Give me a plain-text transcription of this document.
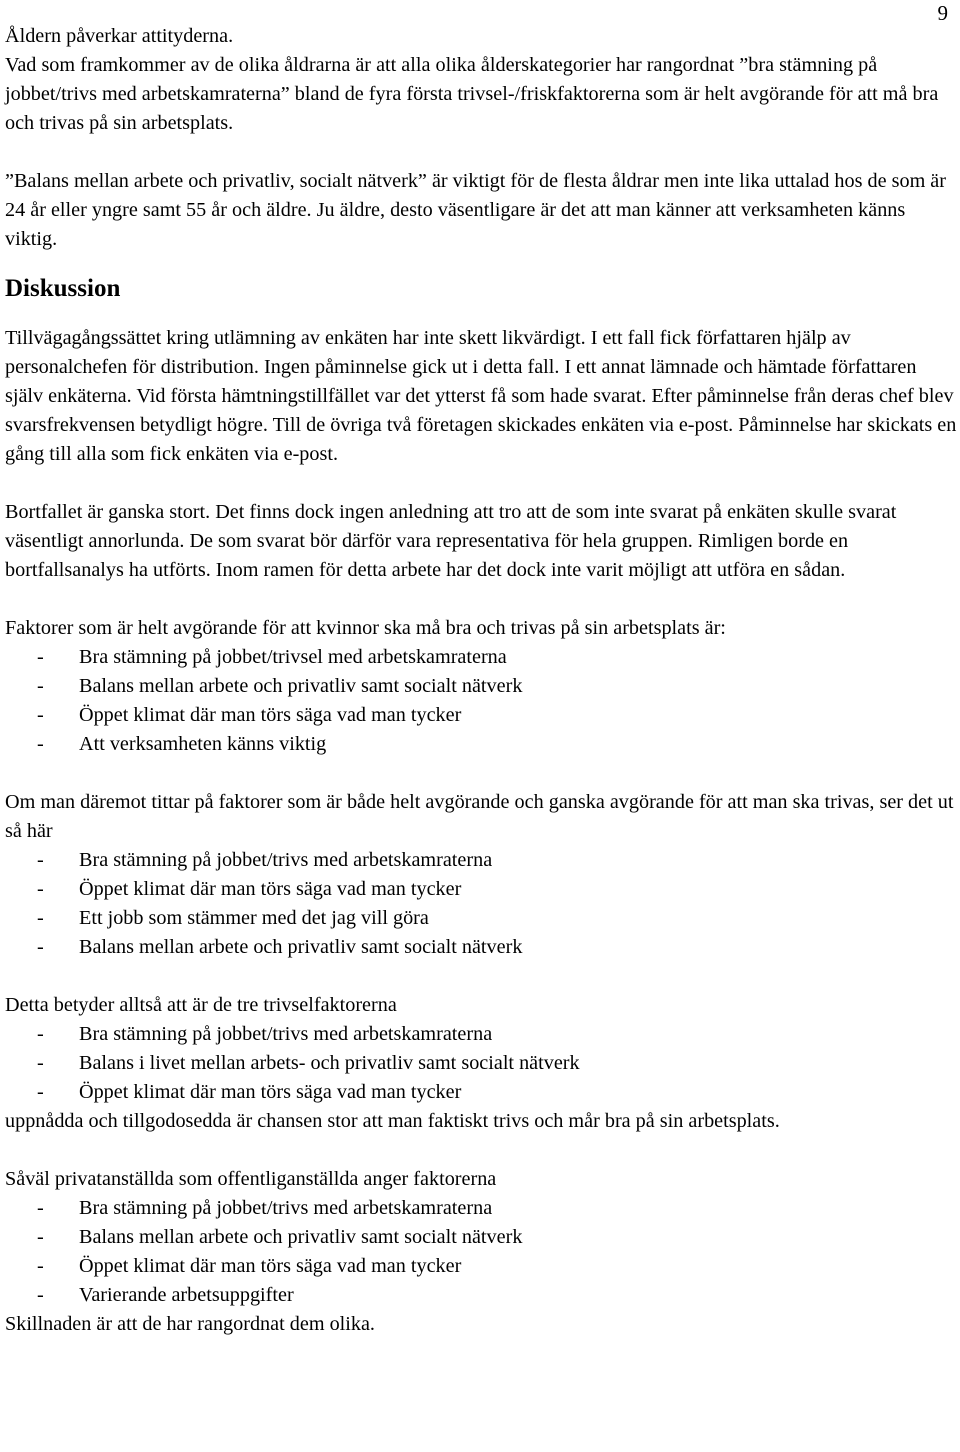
9

Åldern påverkar attityderna.

Vad som framkommer av de olika åldrarna är att alla olika ålderskategorier har rangordnat ”bra stämning på jobbet/trivs med arbetskamraterna” bland de fyra första trivsel-/friskfaktorerna som är helt avgörande för att må bra och trivas på sin arbetsplats.

”Balans mellan arbete och privatliv, socialt nätverk” är viktigt för de flesta åldrar men inte lika uttalad hos de som är 24 år eller yngre samt 55 år och äldre. Ju äldre, desto väsentligare är det att man känner att verksamheten känns viktig.

Diskussion

Tillvägagångssättet kring utlämning av enkäten har inte skett likvärdigt. I ett fall fick författaren hjälp av personalchefen för distribution. Ingen påminnelse gick ut i detta fall. I ett annat lämnade och hämtade författaren själv enkäterna. Vid första hämtningstillfället var det ytterst få som hade svarat. Efter påminnelse från deras chef blev svarsfrekvensen betydligt högre. Till de övriga två företagen skickades enkäten via e-post. Påminnelse har skickats en gång till alla som fick enkäten via e-post.

Bortfallet är ganska stort. Det finns dock ingen anledning att tro att de som inte svarat på enkäten skulle svarat väsentligt annorlunda. De som svarat bör därför vara representativa för hela gruppen. Rimligen borde en bortfallsanalys ha utförts. Inom ramen för detta arbete har det dock inte varit möjligt att utföra en sådan.

Faktorer som är helt avgörande för att kvinnor ska må bra och trivas på sin arbetsplats är:

- Bra stämning på jobbet/trivsel med arbetskamraterna
- Balans mellan arbete och privatliv samt socialt nätverk
- Öppet klimat där man törs säga vad man tycker
- Att verksamheten känns viktig

Om man däremot tittar på faktorer som är både helt avgörande och ganska avgörande för att man ska trivas, ser det ut så här

- Bra stämning på jobbet/trivs med arbetskamraterna
- Öppet klimat där man törs säga vad man tycker
- Ett jobb som stämmer med det jag vill göra
- Balans mellan arbete och privatliv samt socialt nätverk

Detta betyder alltså att är de tre trivselfaktorerna

- Bra stämning på jobbet/trivs med arbetskamraterna
- Balans i livet mellan arbets- och privatliv samt socialt nätverk
- Öppet klimat där man törs säga vad man tycker

uppnådda och tillgodosedda är chansen stor att man faktiskt trivs och mår bra på sin arbetsplats.

Såväl privatanställda som offentliganställda anger faktorerna

- Bra stämning på jobbet/trivs med arbetskamraterna
- Balans mellan arbete och privatliv samt socialt nätverk
- Öppet klimat där man törs säga vad man tycker
- Varierande arbetsuppgifter

Skillnaden är att de har rangordnat dem olika.
